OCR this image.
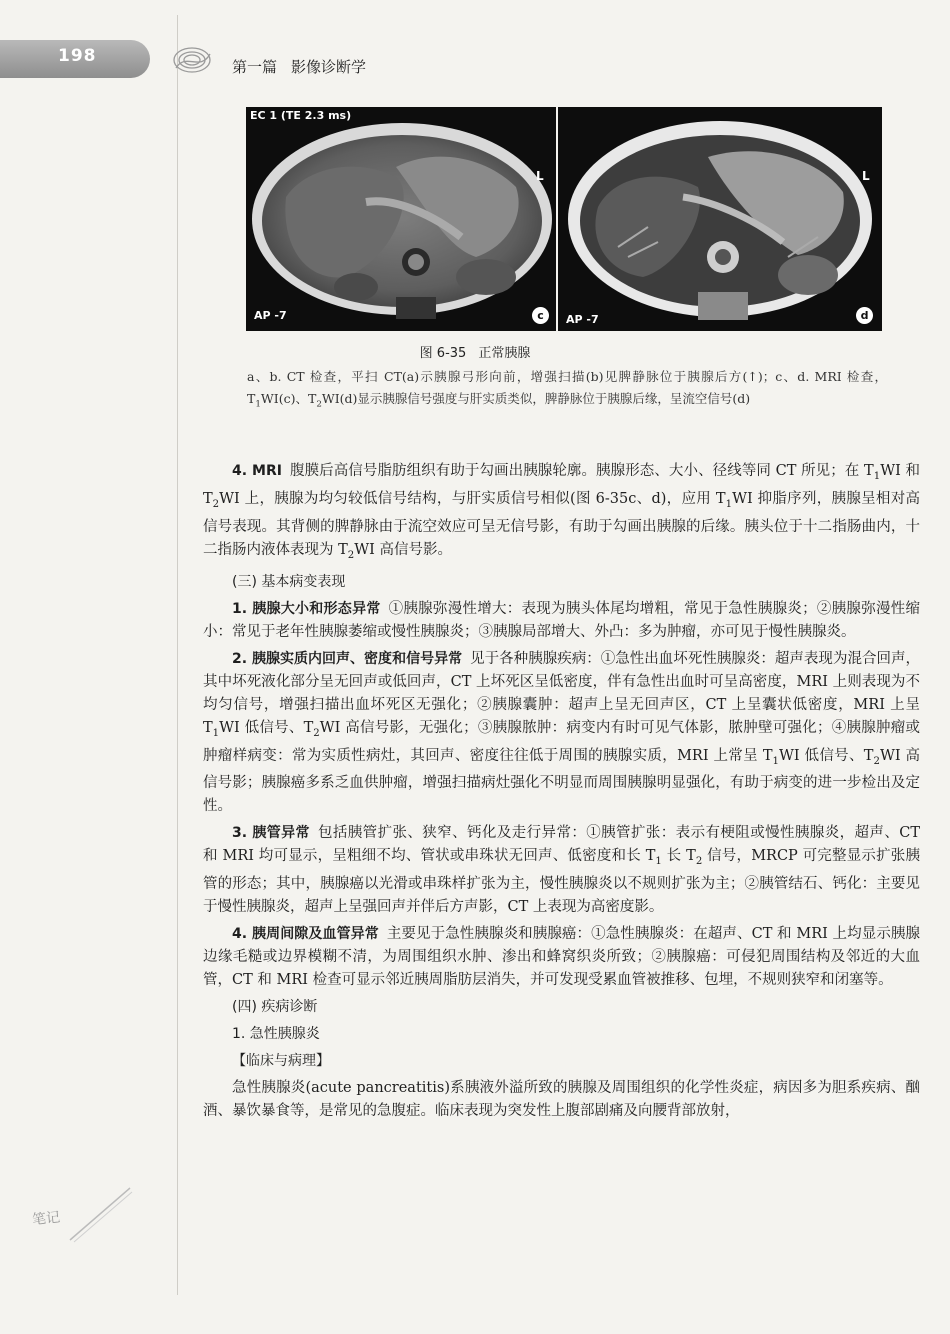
198
第一篇 影像诊断学
EC 1 (TE 2.3 ms)
L
AP -7	c
L
AP -7	d
图 6-35 正常胰腺
a、b. CT 检查，平扫 CT(a)示胰腺弓形向前，增强扫描(b)见脾静脉位于胰腺后方(↑)；c、d. MRI 检查，$T_1WI(c)$、$T_2WI(d)$显示胰腺信号强度与肝实质类似，脾静脉位于胰腺后缘，呈流空信号(d)

4. MRI 腹膜后高信号脂肪组织有助于勾画出胰腺轮廓。胰腺形态、大小、径线等同 CT 所见；在 $T_1WI$ 和 $T_2WI$ 上，胰腺为均匀较低信号结构，与肝实质信号相似(图 6-35c、d)，应用 $T_1WI$ 抑脂序列，胰腺呈相对高信号表现。其背侧的脾静脉由于流空效应可呈无信号影，有助于勾画出胰腺的后缘。胰头位于十二指肠曲内，十二指肠内液体表现为 $T_2WI$ 高信号影。

(三) 基本病变表现

1. 胰腺大小和形态异常 ①胰腺弥漫性增大：表现为胰头体尾均增粗，常见于急性胰腺炎；②胰腺弥漫性缩小：常见于老年性胰腺萎缩或慢性胰腺炎；③胰腺局部增大、外凸：多为肿瘤，亦可见于慢性胰腺炎。

2. 胰腺实质内回声、密度和信号异常 见于各种胰腺疾病：①急性出血坏死性胰腺炎：超声表现为混合回声，其中坏死液化部分呈无回声或低回声，CT 上坏死区呈低密度，伴有急性出血时可呈高密度，MRI 上则表现为不均匀信号，增强扫描出血坏死区无强化；②胰腺囊肿：超声上呈无回声区，CT 上呈囊状低密度，MRI 上呈 $T_1WI$ 低信号、$T_2WI$ 高信号影，无强化；③胰腺脓肿：病变内有时可见气体影，脓肿壁可强化；④胰腺肿瘤或肿瘤样病变：常为实质性病灶，其回声、密度往往低于周围的胰腺实质，MRI 上常呈 $T_1WI$ 低信号、$T_2WI$ 高信号影；胰腺癌多系乏血供肿瘤，增强扫描病灶强化不明显而周围胰腺明显强化，有助于病变的进一步检出及定性。

3. 胰管异常 包括胰管扩张、狭窄、钙化及走行异常：①胰管扩张：表示有梗阻或慢性胰腺炎，超声、CT 和 MRI 均可显示，呈粗细不均、管状或串珠状无回声、低密度和长 $T_1$ 长 $T_2$ 信号，MRCP 可完整显示扩张胰管的形态；其中，胰腺癌以光滑或串珠样扩张为主，慢性胰腺炎以不规则扩张为主；②胰管结石、钙化：主要见于慢性胰腺炎，超声上呈强回声并伴后方声影，CT 上表现为高密度影。

4. 胰周间隙及血管异常 主要见于急性胰腺炎和胰腺癌：①急性胰腺炎：在超声、CT 和 MRI 上均显示胰腺边缘毛糙或边界模糊不清，为周围组织水肿、渗出和蜂窝织炎所致；②胰腺癌：可侵犯周围结构及邻近的大血管，CT 和 MRI 检查可显示邻近胰周脂肪层消失，并可发现受累血管被推移、包埋，不规则狭窄和闭塞等。

(四) 疾病诊断

1. 急性胰腺炎

【临床与病理】

急性胰腺炎(acute pancreatitis)系胰液外溢所致的胰腺及周围组织的化学性炎症，病因多为胆系疾病、酗酒、暴饮暴食等，是常见的急腹症。临床表现为突发性上腹部剧痛及向腰背部放射，

笔记
